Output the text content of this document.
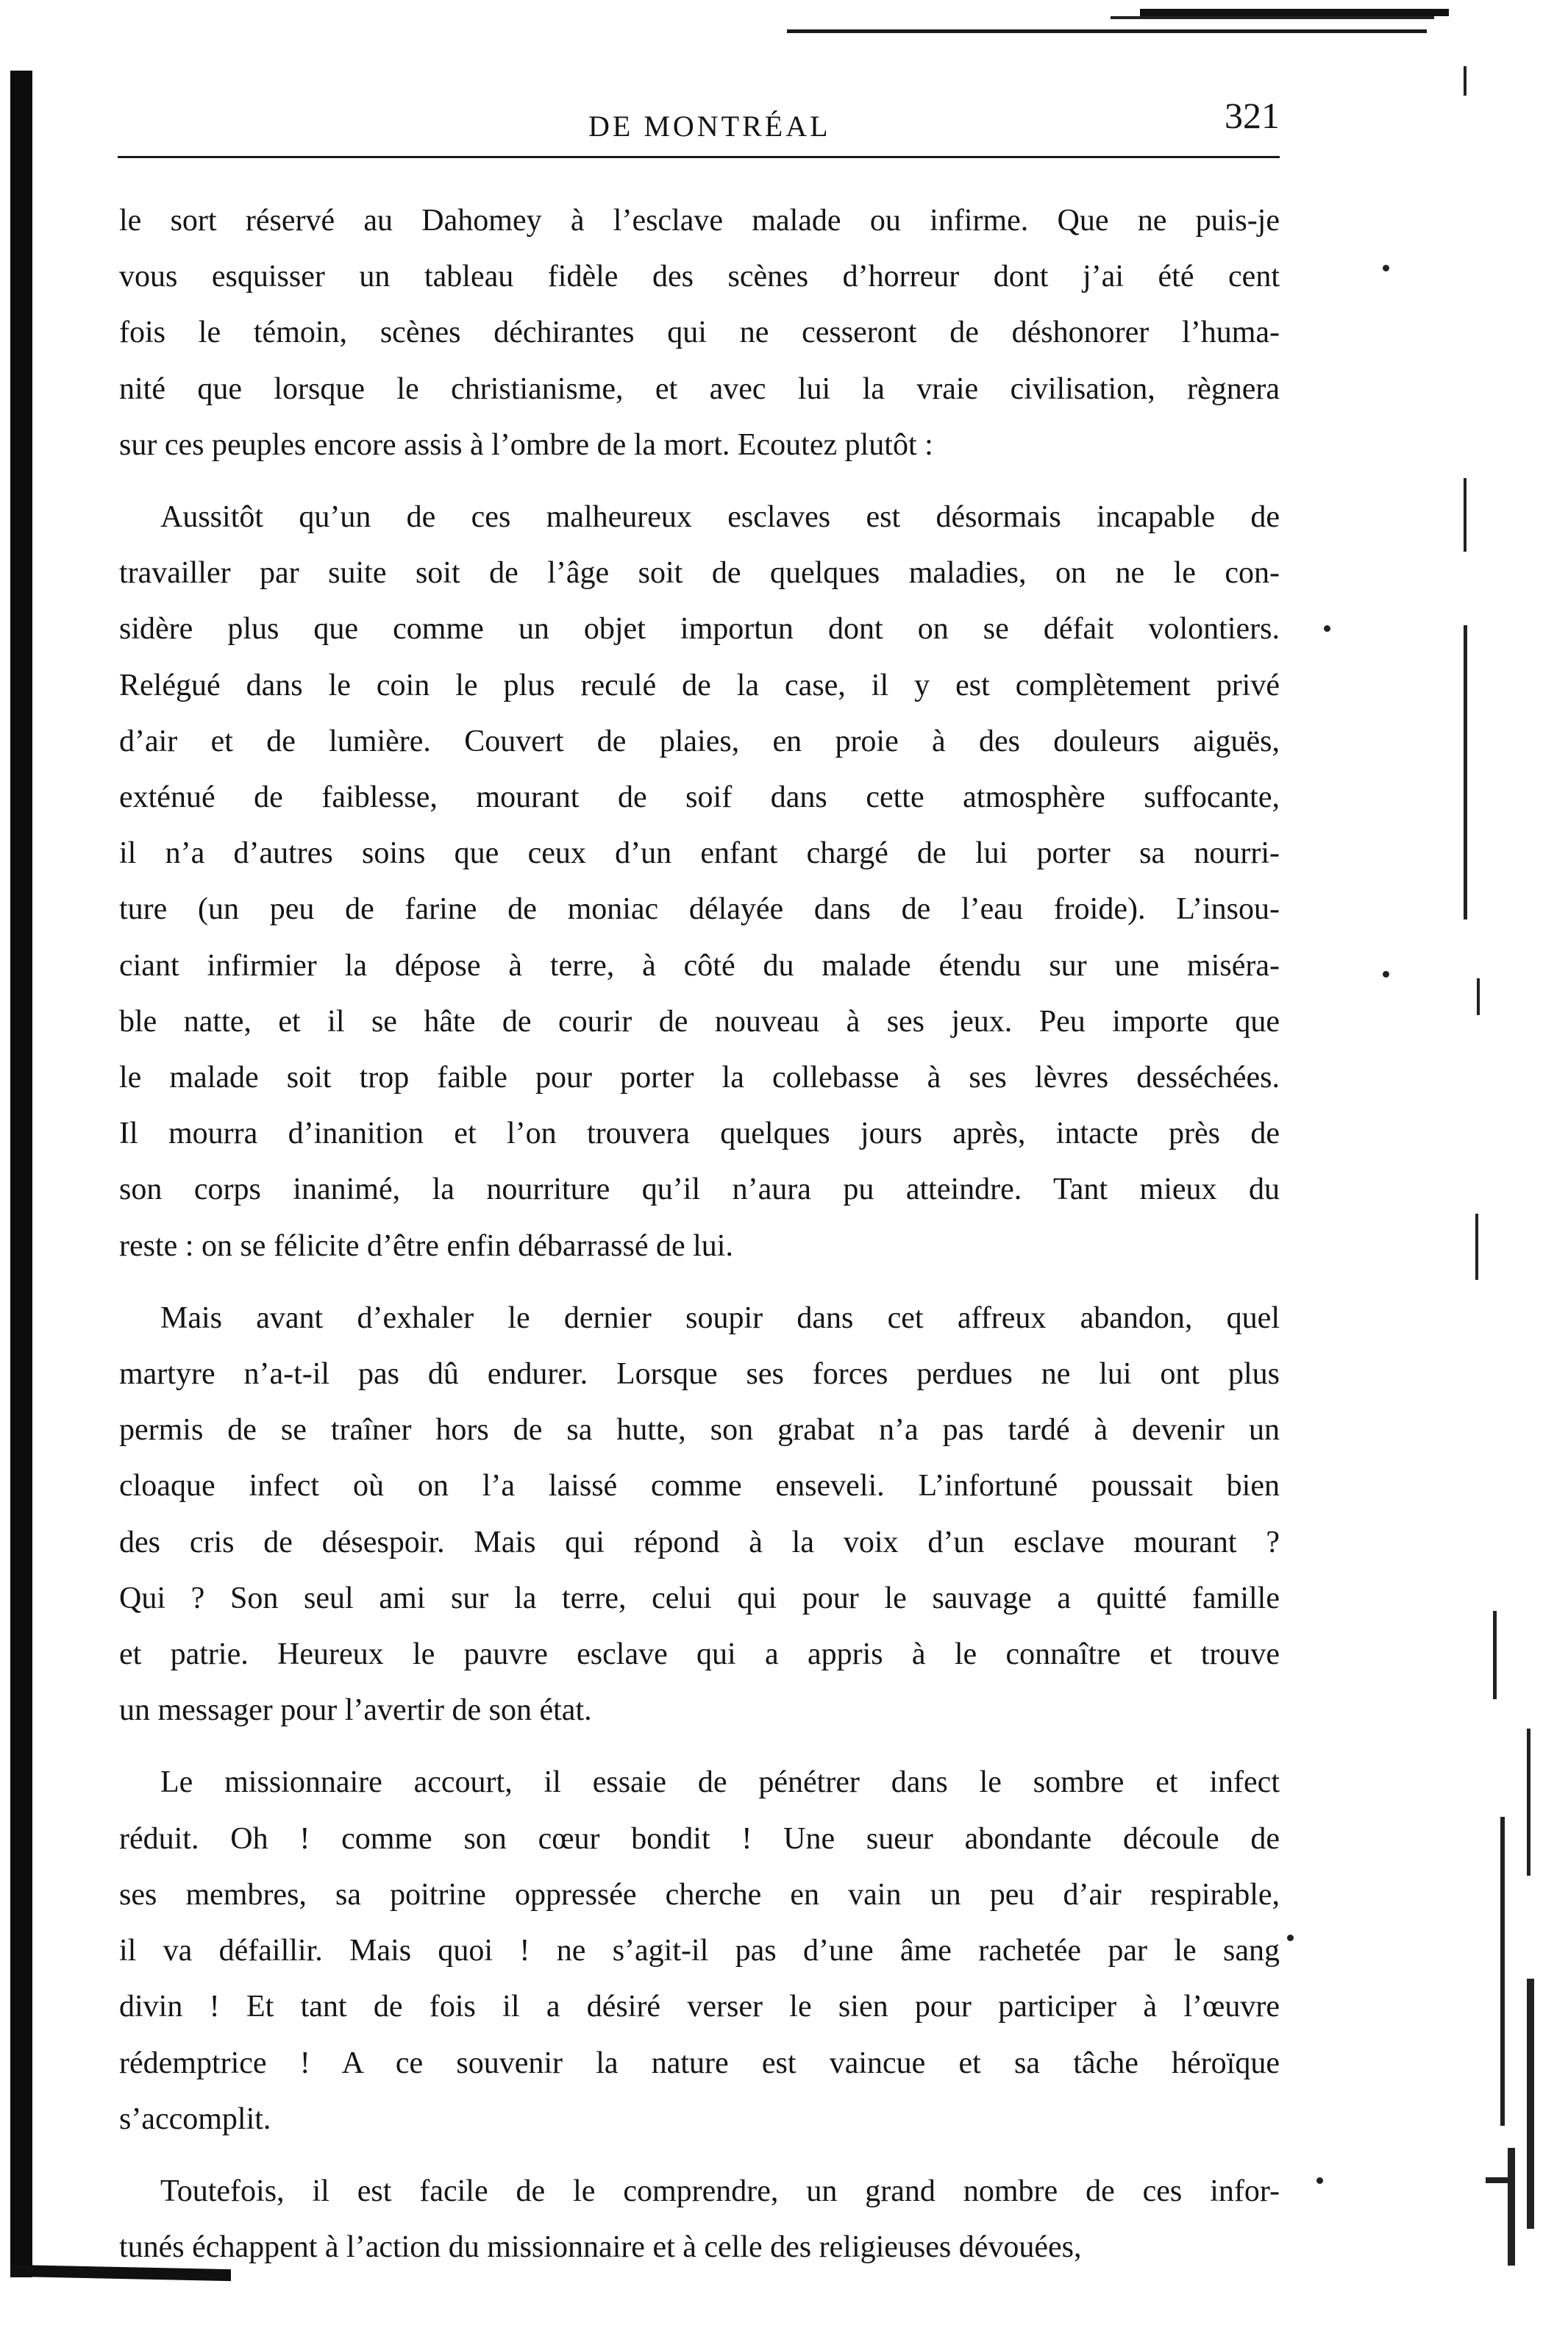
DE MONTRÉAL	321
le sort réservé au Dahomey à l’esclave malade ou infirme. Que ne puis-je
vous esquisser un tableau fidèle des scènes d’horreur dont j’ai été cent
fois le témoin, scènes déchirantes qui ne cesseront de déshonorer l’huma-
nité que lorsque le christianisme, et avec lui la vraie civilisation, règnera
sur ces peuples encore assis à l’ombre de la mort. Ecoutez plutôt :
Aussitôt qu’un de ces malheureux esclaves est désormais incapable de
travailler par suite soit de l’âge soit de quelques maladies, on ne le con-
sidère plus que comme un objet importun dont on se défait volontiers.
Relégué dans le coin le plus reculé de la case, il y est complètement privé
d’air et de lumière. Couvert de plaies, en proie à des douleurs aiguës,
exténué de faiblesse, mourant de soif dans cette atmosphère suffocante,
il n’a d’autres soins que ceux d’un enfant chargé de lui porter sa nourri-
ture (un peu de farine de moniac délayée dans de l’eau froide). L’insou-
ciant infirmier la dépose à terre, à côté du malade étendu sur une miséra-
ble natte, et il se hâte de courir de nouveau à ses jeux. Peu importe que
le malade soit trop faible pour porter la collebasse à ses lèvres desséchées.
Il mourra d’inanition et l’on trouvera quelques jours après, intacte près de
son corps inanimé, la nourriture qu’il n’aura pu atteindre. Tant mieux du
reste : on se félicite d’être enfin débarrassé de lui.
Mais avant d’exhaler le dernier soupir dans cet affreux abandon, quel
martyre n’a-t-il pas dû endurer. Lorsque ses forces perdues ne lui ont plus
permis de se traîner hors de sa hutte, son grabat n’a pas tardé à devenir un
cloaque infect où on l’a laissé comme enseveli. L’infortuné poussait bien
des cris de désespoir. Mais qui répond à la voix d’un esclave mourant ?
Qui ? Son seul ami sur la terre, celui qui pour le sauvage a quitté famille
et patrie. Heureux le pauvre esclave qui a appris à le connaître et trouve
un messager pour l’avertir de son état.
Le missionnaire accourt, il essaie de pénétrer dans le sombre et infect
réduit. Oh ! comme son cœur bondit ! Une sueur abondante découle de
ses membres, sa poitrine oppressée cherche en vain un peu d’air respirable,
il va défaillir. Mais quoi ! ne s’agit-il pas d’une âme rachetée par le sang
divin ! Et tant de fois il a désiré verser le sien pour participer à l’œuvre
rédemptrice ! A ce souvenir la nature est vaincue et sa tâche héroïque
s’accomplit.
Toutefois, il est facile de le comprendre, un grand nombre de ces infor-
tunés échappent à l’action du missionnaire et à celle des religieuses dévouées,
